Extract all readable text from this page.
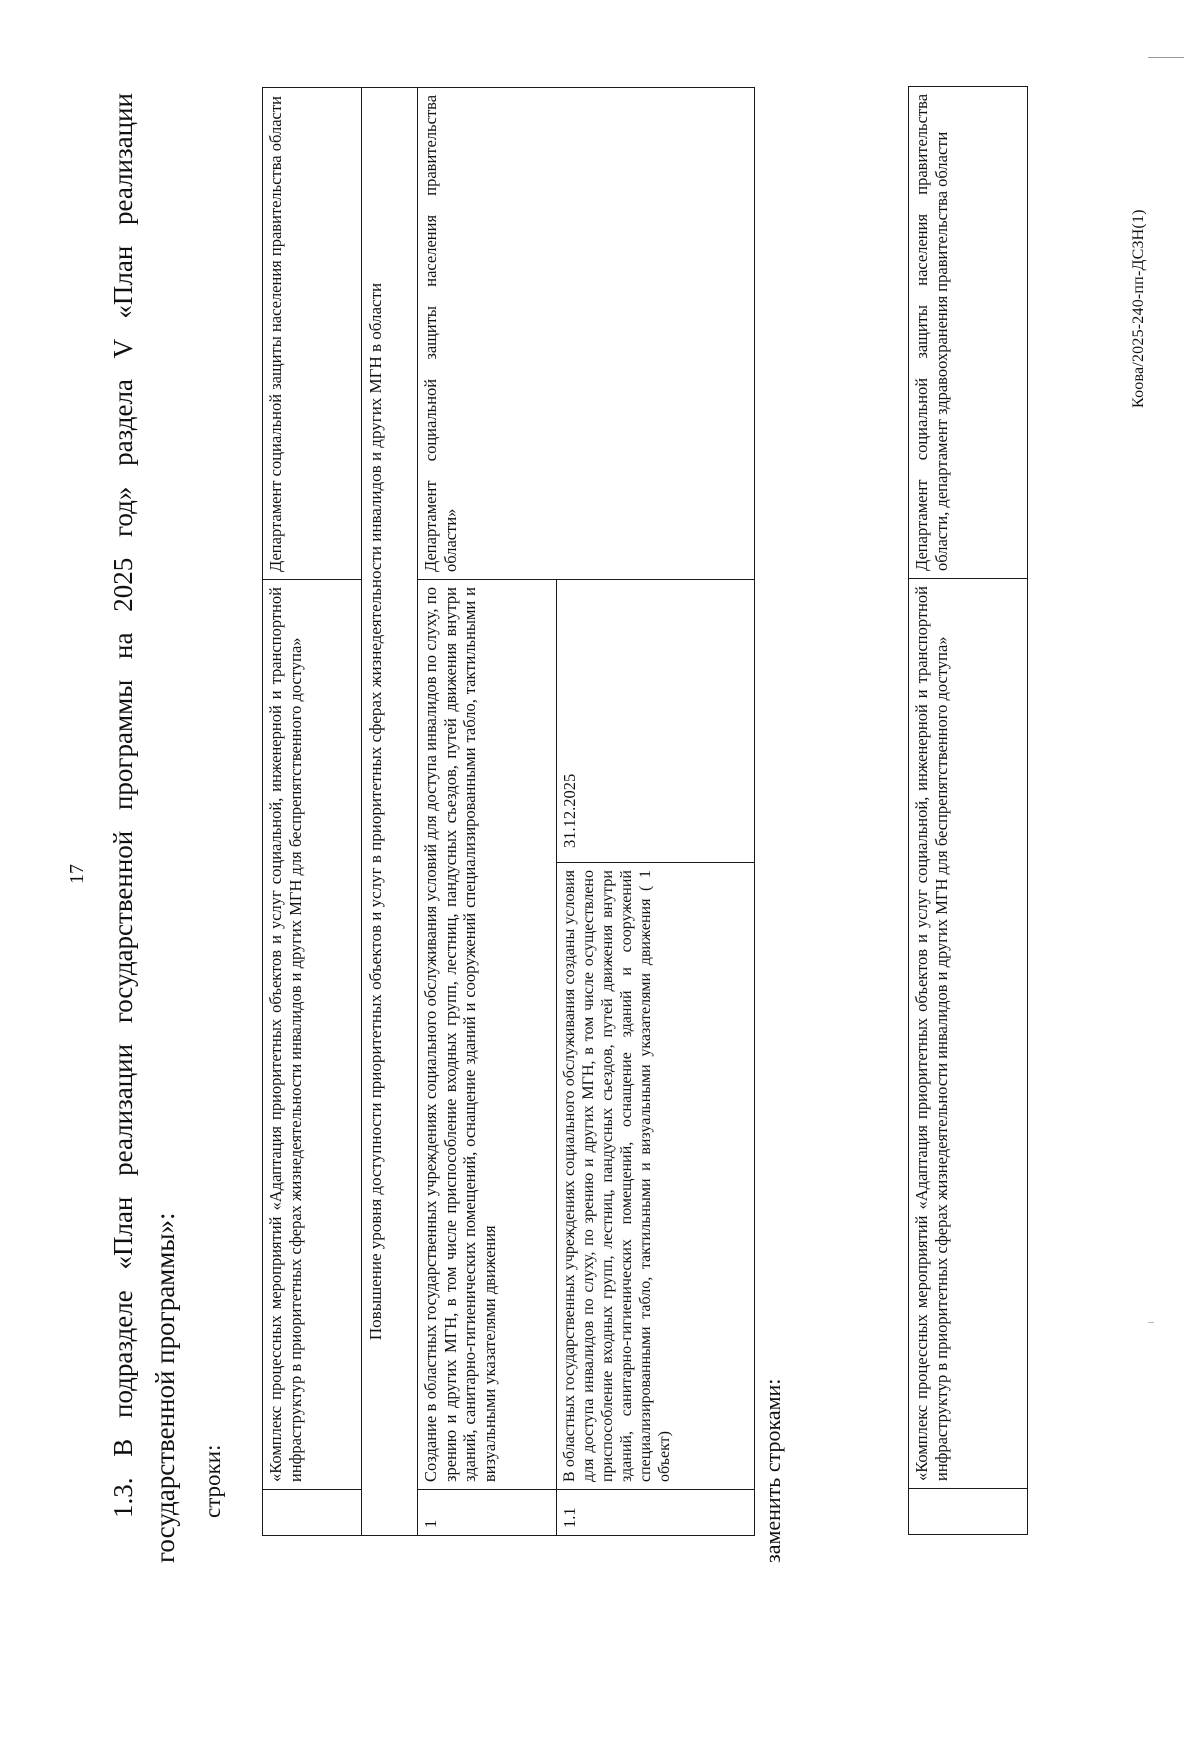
17 1.3. В подразделе «План реализации государственной программы на 2025 год» раздела V «План реализации государственной программы»: строки:
	«Комплекс процессных мероприятий «Адаптация приоритетных объектов и услуг социальной, инженерной и транспортной инфраструктур в приоритетных сферах жизнедеятельности инвалидов и других МГН для беспрепятственного доступа»		Департамент социальной защиты населения правительства области
Повышение уровня доступности приоритетных объектов и услуг в приоритетных сферах жизнедеятельности инвалидов и других МГН в области			
1	Создание в областных государственных учреждениях социального обслуживания условий для доступа инвалидов по слуху, по зрению и других МГН, в том числе приспособление входных групп, лестниц, пандусных съездов, путей движения внутри зданий, санитарно-гигиенических помещений, оснащение зданий и сооружений специализированными табло, тактильными и визуальными указателями движения		Департамент социальной защиты населения правительства области»
1.1	В областных государственных учреждениях социального обслуживания созданы условия для доступа инвалидов по слуху, по зрению и других МГН, в том числе осуществлено приспособление входных групп, лестниц, пандусных съездов, путей движения внутри зданий, санитарно-гигиенических помещений, оснащение зданий и сооружений специализированными табло, тактильными и визуальными указателями движения ( 1 объект)	31.12.2025	
заменить строками:
		«Комплекс процессных мероприятий «Адаптация приоритетных объектов и услуг социальной, инженерной и транспортной инфраструктур в приоритетных сферах жизнедеятельности инвалидов и других МГН для беспрепятственного доступа»	Департамент социальной защиты населения правительства области, департамент здравоохранения правительства области	Коова/2025-240-пп-ДСЗН(1)
